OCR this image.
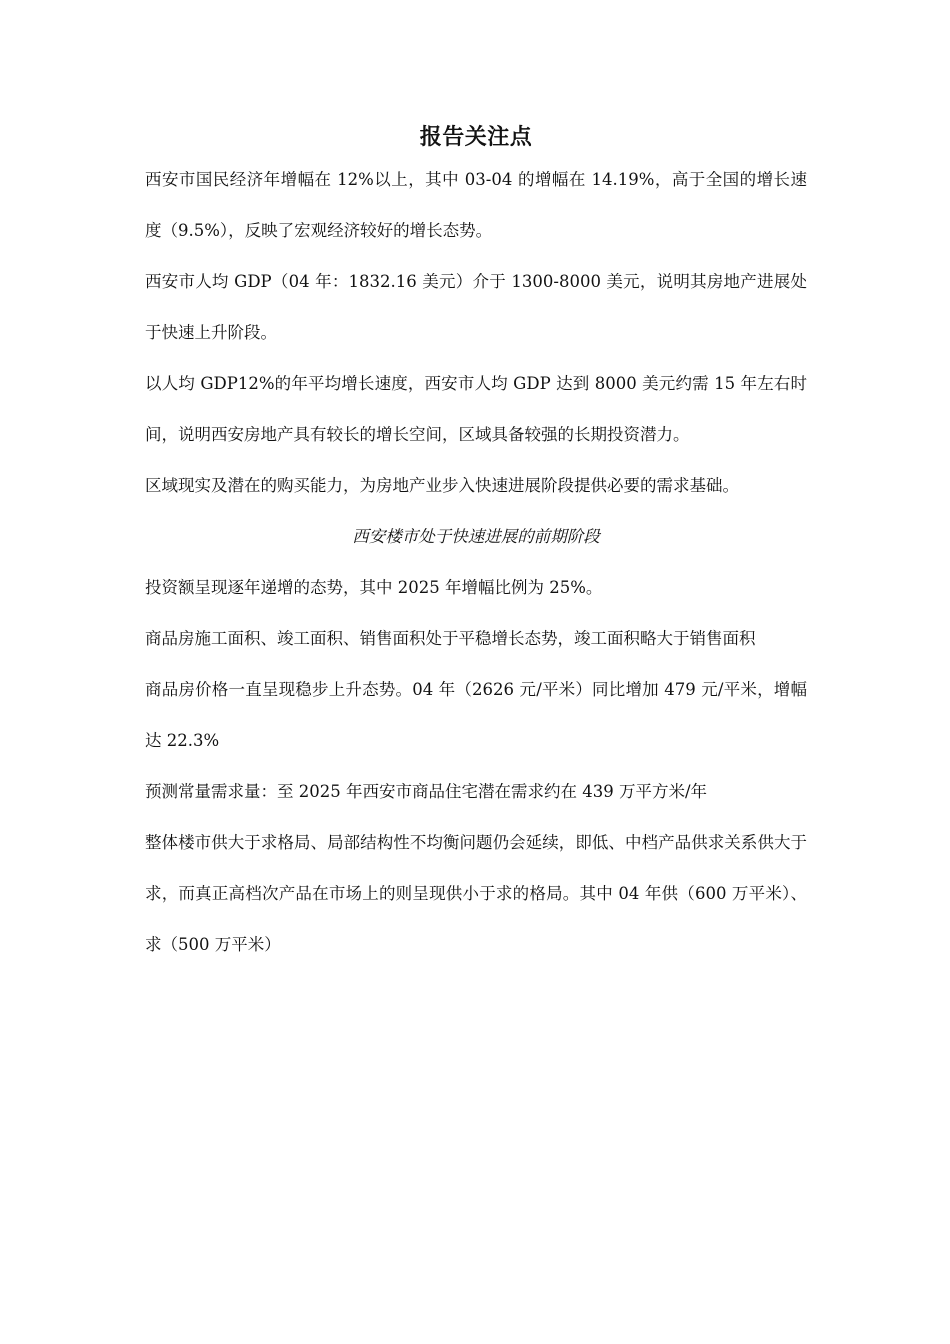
报告关注点

西安市国民经济年增幅在 12%以上，其中 03-04 的增幅在 14.19%，高于全国的增长速度（9.5%），反映了宏观经济较好的增长态势。

西安市人均 GDP（04 年：1832.16 美元）介于 1300-8000 美元，说明其房地产进展处于快速上升阶段。

以人均 GDP12%的年平均增长速度，西安市人均 GDP 达到 8000 美元约需 15 年左右时间，说明西安房地产具有较长的增长空间，区域具备较强的长期投资潜力。

区域现实及潜在的购买能力，为房地产业步入快速进展阶段提供必要的需求基础。

西安楼市处于快速进展的前期阶段

投资额呈现逐年递增的态势，其中 2025 年增幅比例为 25%。

商品房施工面积、竣工面积、销售面积处于平稳增长态势，竣工面积略大于销售面积

商品房价格一直呈现稳步上升态势。04 年（2626 元/平米）同比增加 479 元/平米，增幅达 22.3%

预测常量需求量：至 2025 年西安市商品住宅潜在需求约在 439 万平方米/年

整体楼市供大于求格局、局部结构性不均衡问题仍会延续，即低、中档产品供求关系供大于求，而真正高档次产品在市场上的则呈现供小于求的格局。其中 04 年供（600 万平米）、求（500 万平米）
